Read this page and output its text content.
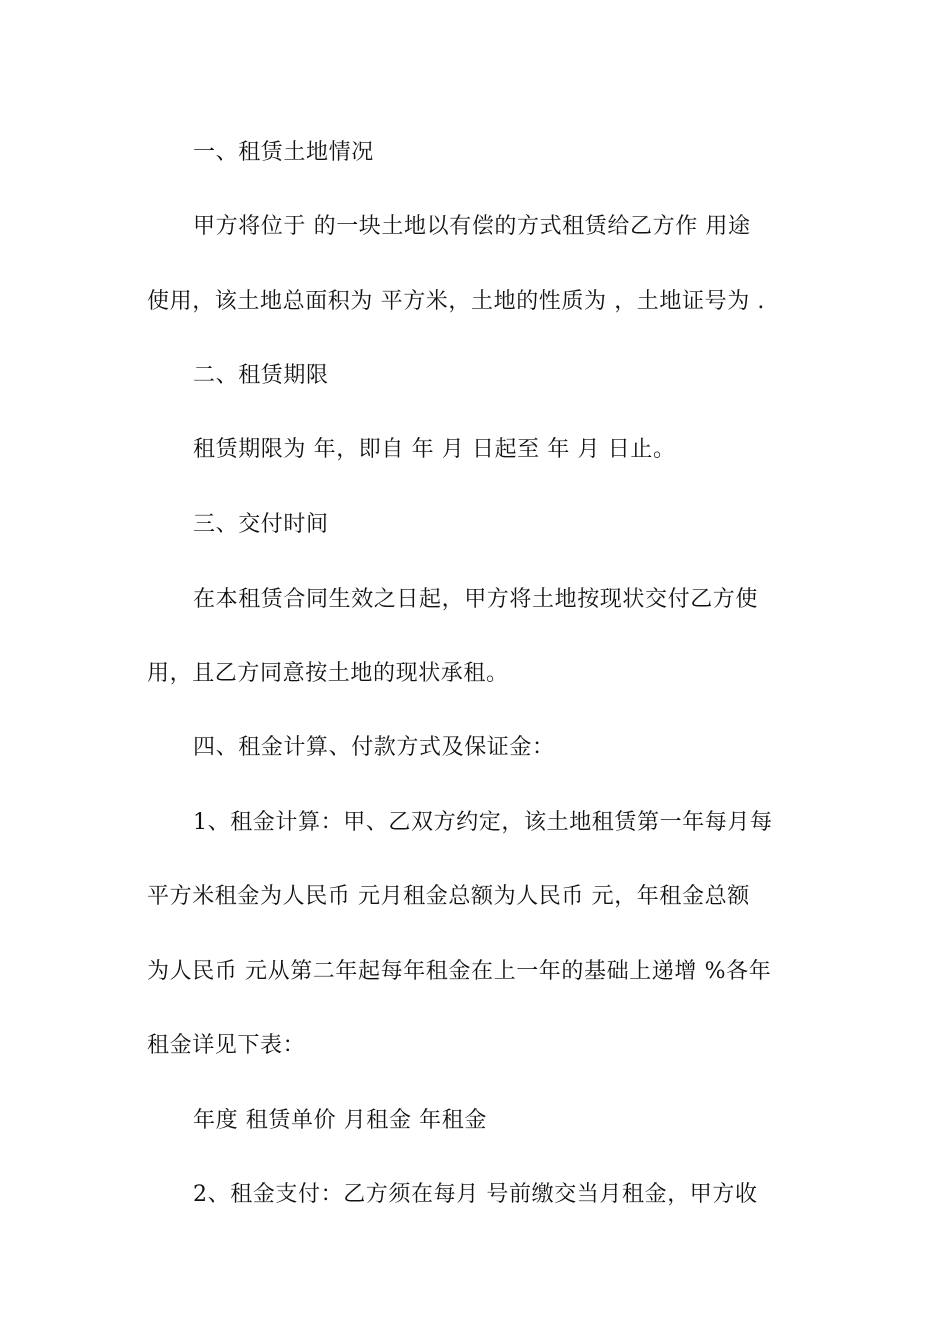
一、租赁土地情况
甲方将位于 的一块土地以有偿的方式租赁给乙方作 用途
使用，该土地总面积为 平方米，土地的性质为 ，土地证号为 .
二、租赁期限
租赁期限为 年，即自 年 月 日起至 年 月 日止。
三、交付时间
在本租赁合同生效之日起，甲方将土地按现状交付乙方使
用，且乙方同意按土地的现状承租。
四、租金计算、付款方式及保证金：
1、租金计算：甲、乙双方约定，该土地租赁第一年每月每
平方米租金为人民币 元月租金总额为人民币 元，年租金总额
为人民币 元从第二年起每年租金在上一年的基础上递增 %各年
租金详见下表：
年度 租赁单价 月租金 年租金
2、租金支付：乙方须在每月 号前缴交当月租金，甲方收
